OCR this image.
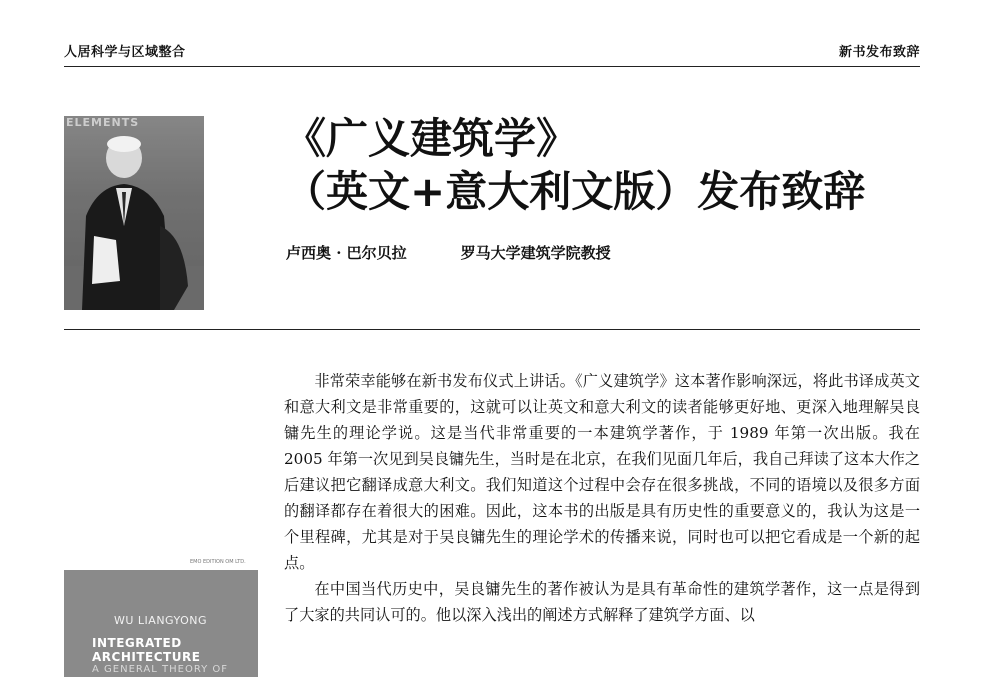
人居科学与区域整合	新书发布致辞
ELEMENTS	《广义建筑学》
（英文+意大利文版）发布致辞
卢西奥 · 巴尔贝拉	罗马大学建筑学院教授

非常荣幸能够在新书发布仪式上讲话。《广义建筑学》这本著作影响深远，将此书译成英文和意大利文是非常重要的，这就可以让英文和意大利文的读者能够更好地、更深入地理解吴良镛先生的理论学说。这是当代非常重要的一本建筑学著作，于 1989 年第一次出版。我在 2005 年第一次见到吴良镛先生，当时是在北京，在我们见面几年后，我自己拜读了这本大作之后建议把它翻译成意大利文。我们知道这个过程中会存在很多挑战，不同的语境以及很多方面的翻译都存在着很大的困难。因此，这本书的出版是具有历史性的重要意义的，我认为这是一个里程碑，尤其是对于吴良镛先生的理论学术的传播来说，同时也可以把它看成是一个新的起点。

在中国当代历史中，吴良镛先生的著作被认为是具有革命性的建筑学著作，这一点是得到了大家的共同认可的。他以深入浅出的阐述方式解释了建筑学方面、以

EMO EDITION OM LTD.
WU LIANGYONG
INTEGRATED ARCHITECTURE
A GENERAL THEORY OF
